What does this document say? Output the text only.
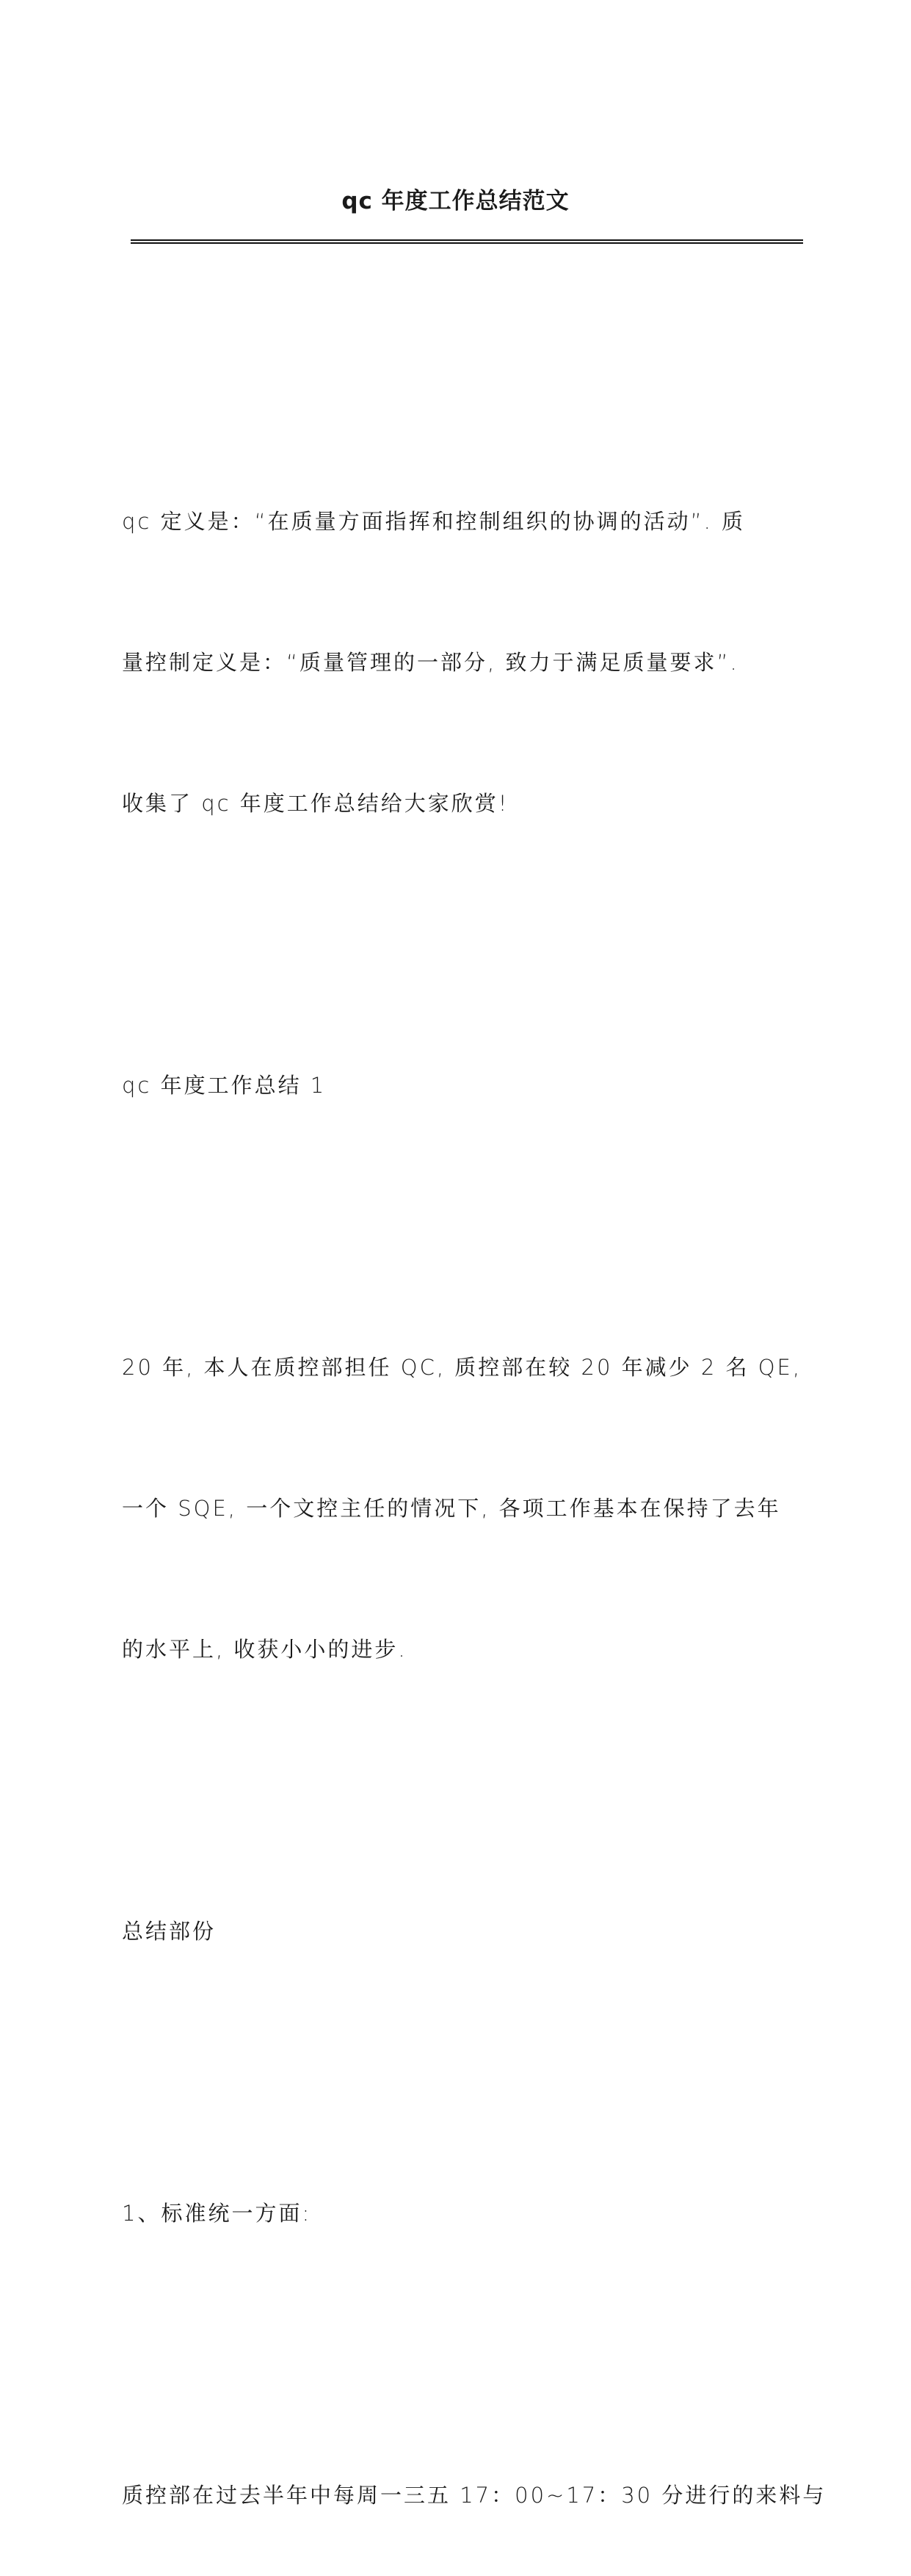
qc 年度工作总结范文

qc 定义是：“在质量方面指挥和控制组织的协调的活动”. 质

量控制定义是：“质量管理的一部分, 致力于满足质量要求”.

收集了 qc 年度工作总结给大家欣赏!

qc 年度工作总结 1

20 年, 本人在质控部担任 QC, 质控部在较 20 年减少 2 名 QE,

一个 SQE, 一个文控主任的情况下, 各项工作基本在保持了去年

的水平上, 收获小小的进步.

总结部份

1、标准统一方面:

质控部在过去半年中每周一三五 17：00~17：30 分进行的来料与
